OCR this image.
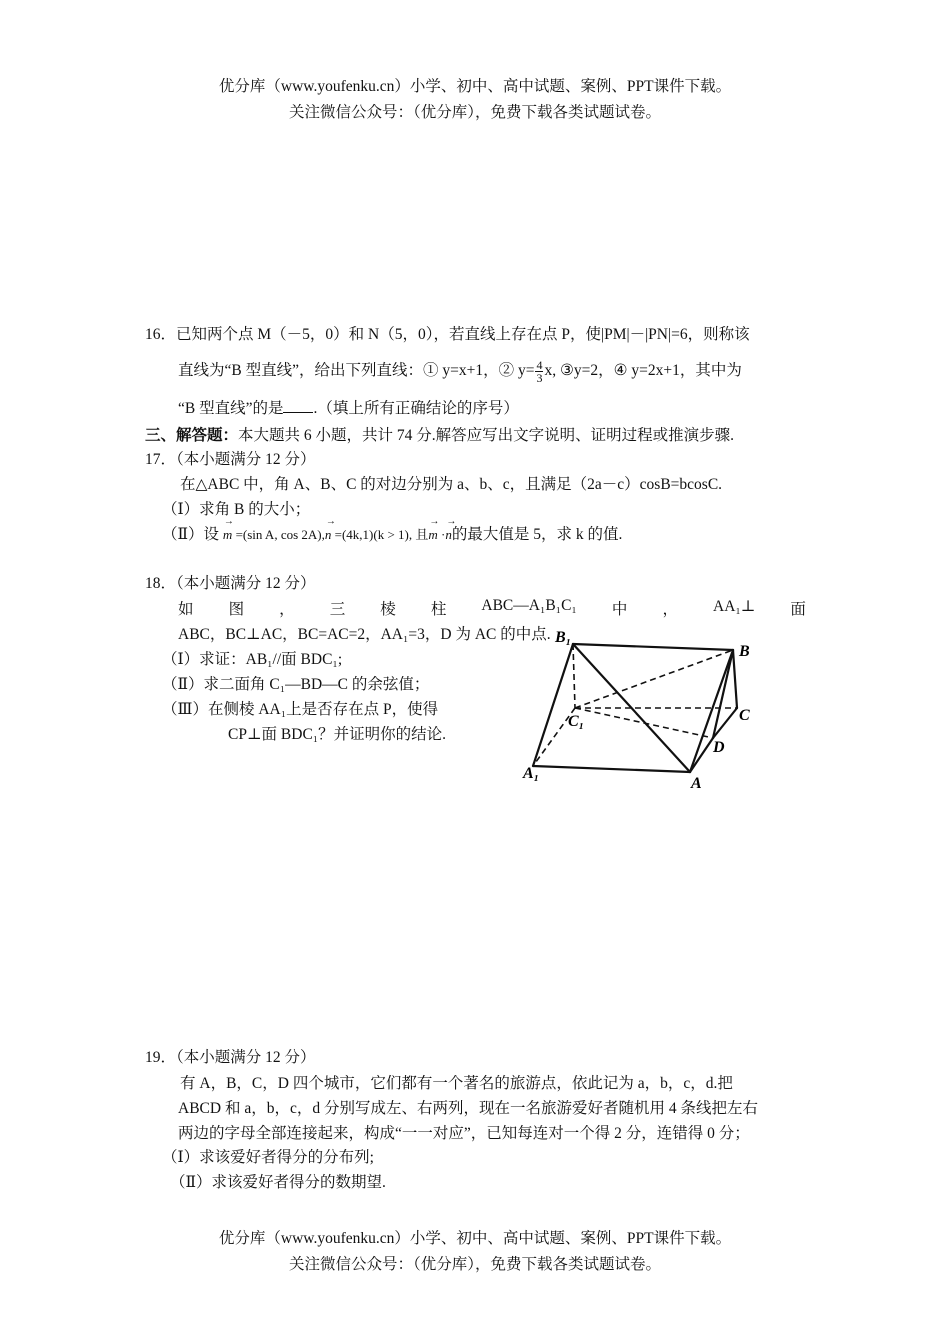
优分库（www.youfenku.cn）小学、初中、高中试题、案例、PPT课件下载。
关注微信公众号：（优分库），免费下载各类试题试卷。
16．已知两个点 M（－5，0）和 N（5，0），若直线上存在点 P，使|PM|－|PN|=6，则称该
直线为“B 型直线”，给出下列直线：① y=x+1，② $y= \frac{4}{3} x$, ③y=2，④ y=2x+1，其中为
“B 型直线”的是 .（填上所有正确结论的序号）
三、解答题：本大题共 6 小题，共计 74 分.解答应写出文字说明、证明过程或推演步骤.
17．（本小题满分 12 分）
在△ABC 中，角 A、B、C 的对边分别为 a、b、c，且满足（2a－c）cosB=bcosC.
（Ⅰ）求角 B 的大小；
（Ⅱ）设 → m =(sin A, cos 2A),→ n =(4k,1)(k > 1), 且→ m ·→ n的最大值是 5，求 k 的值.
18．（本小题满分 12 分）
如 图 ， 三 棱 柱 ABC—A₁B₁C₁ 中 ， AA₁⊥ 面
ABC，BC⊥AC，BC=AC=2，AA₁=3，D 为 AC 的中点.
（Ⅰ）求证：AB₁//面 BDC₁;
（Ⅱ）求二面角 C₁—BD—C 的余弦值；
（Ⅲ）在侧棱 AA₁上是否存在点 P，使得
CP⊥面 BDC₁？并证明你的结论.
B₁
B
C₁	C
D
A₁
A
19．（本小题满分 12 分）
有 A，B，C，D 四个城市，它们都有一个著名的旅游点，依此记为 a，b，c，d.把
ABCD 和 a，b，c，d 分别写成左、右两列，现在一名旅游爱好者随机用 4 条线把左右
两边的字母全部连接起来，构成“一一对应”，已知每连对一个得 2 分，连错得 0 分；
（Ⅰ）求该爱好者得分的分布列;
（Ⅱ）求该爱好者得分的数期望.
优分库（www.youfenku.cn）小学、初中、高中试题、案例、PPT课件下载。
关注微信公众号：（优分库），免费下载各类试题试卷。
